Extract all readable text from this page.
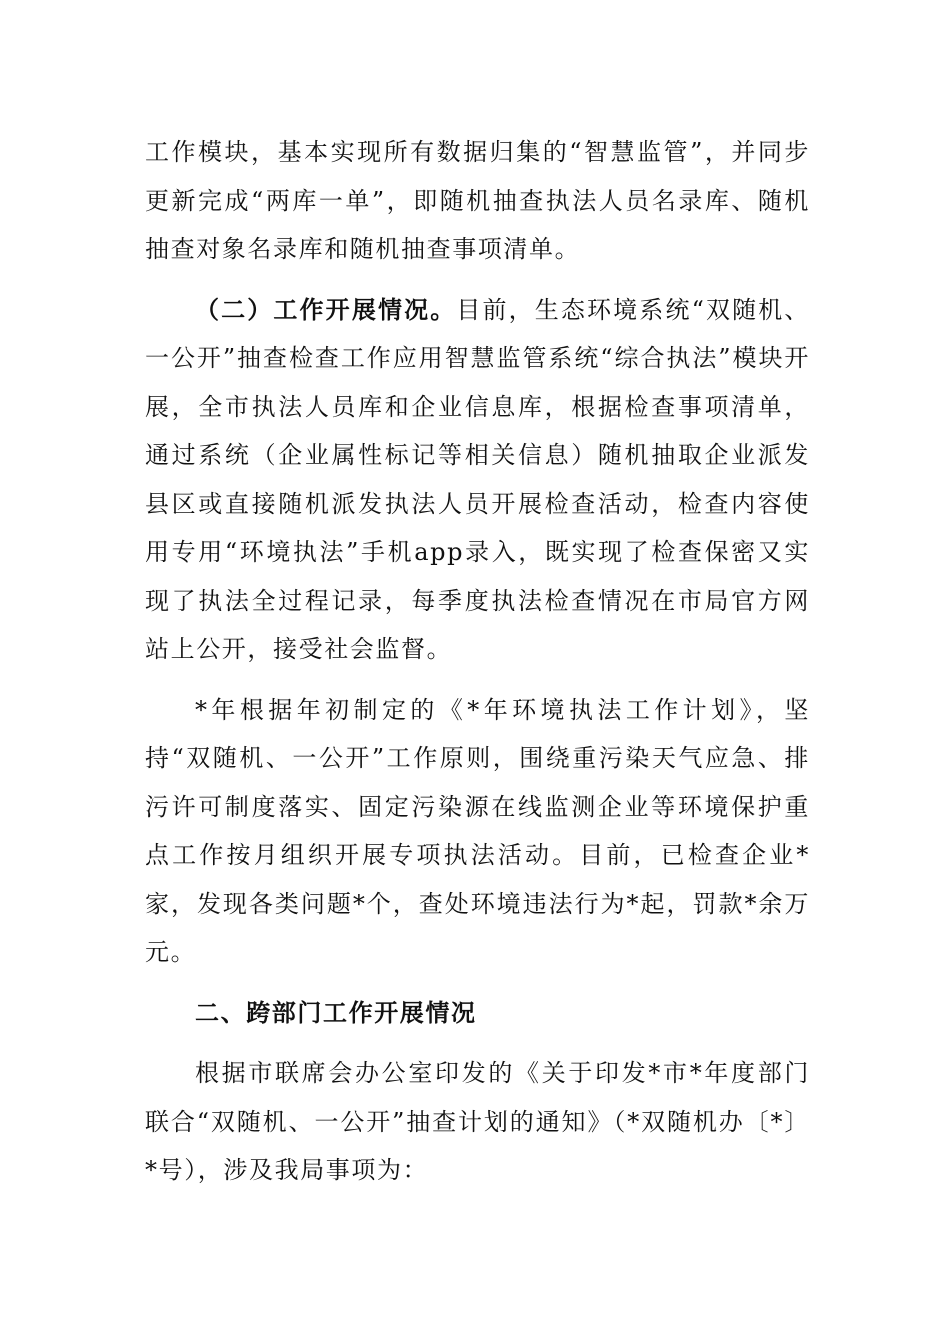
工作模块，基本实现所有数据归集的“智慧监管”，并同步更新完成“两库一单”，即随机抽查执法人员名录库、随机抽查对象名录库和随机抽查事项清单。

（二）工作开展情况。目前，生态环境系统“双随机、一公开”抽查检查工作应用智慧监管系统“综合执法”模块开展，全市执法人员库和企业信息库，根据检查事项清单，通过系统（企业属性标记等相关信息）随机抽取企业派发县区或直接随机派发执法人员开展检查活动，检查内容使用专用“环境执法”手机app录入，既实现了检查保密又实现了执法全过程记录，每季度执法检查情况在市局官方网站上公开，接受社会监督。

*年根据年初制定的《*年环境执法工作计划》，坚持“双随机、一公开”工作原则，围绕重污染天气应急、排污许可制度落实、固定污染源在线监测企业等环境保护重点工作按月组织开展专项执法活动。目前，已检查企业*家，发现各类问题*个，查处环境违法行为*起，罚款*余万元。

二、跨部门工作开展情况

根据市联席会办公室印发的《关于印发*市*年度部门联合“双随机、一公开”抽查计划的通知》（*双随机办〔*〕*号），涉及我局事项为：
